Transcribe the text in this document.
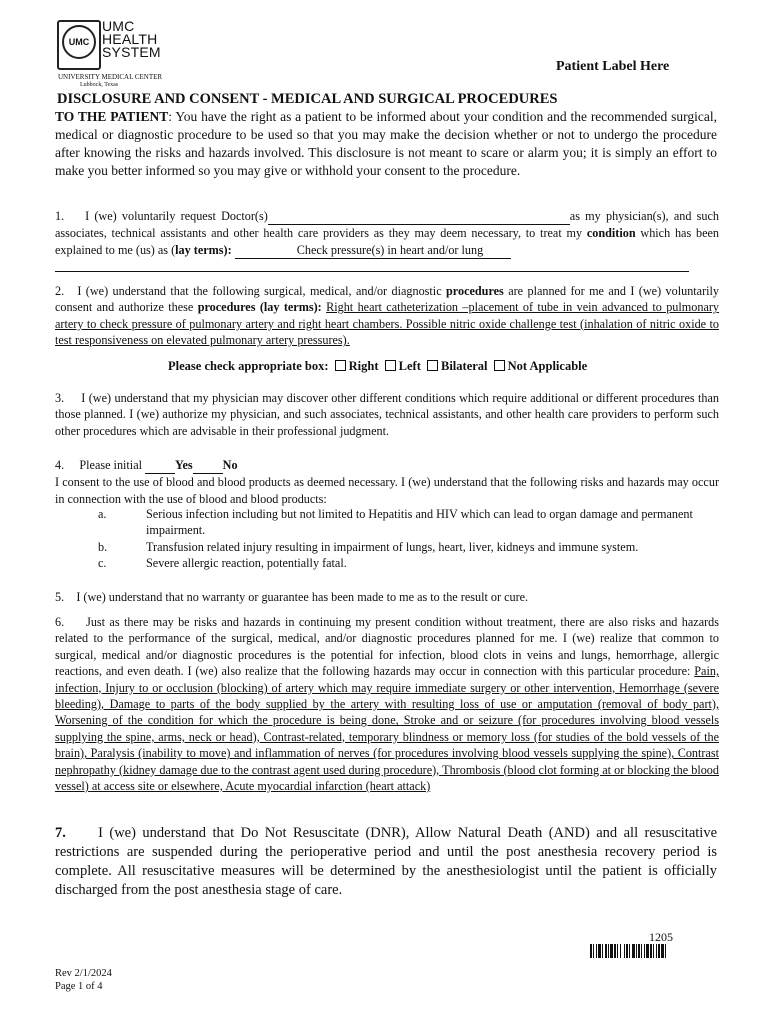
UMC
UMC
HEALTH
SYSTEM
UNIVERSITY MEDICAL CENTER
Lubbock, Texas
Patient Label Here
DISCLOSURE AND CONSENT - MEDICAL AND SURGICAL PROCEDURES
TO THE PATIENT: You have the right as a patient to be informed about your condition and the recommended surgical, medical or diagnostic procedure to be used so that you may make the decision whether or not to undergo the procedure after knowing the risks and hazards involved. This disclosure is not meant to scare or alarm you; it is simply an effort to make you better informed so you may give or withhold your consent to the procedure.
1. I (we) voluntarily request Doctor(s)	as my physician(s), and such associates, technical assistants and other health care providers as they may deem necessary, to treat my condition which has been explained to me (us) as (lay terms):	Check pressure(s) in heart and/or lung
2. I (we) understand that the following surgical, medical, and/or diagnostic procedures are planned for me and I (we) voluntarily consent and authorize these procedures (lay terms): Right heart catheterization –placement of tube in vein advanced to pulmonary artery to check pressure of pulmonary artery and right heart chambers. Possible nitric oxide challenge test (inhalation of nitric oxide to test responsiveness on elevated pulmonary artery pressures).
Please check appropriate box: Right Left Bilateral Not Applicable
3. I (we) understand that my physician may discover other different conditions which require additional or different procedures than those planned. I (we) authorize my physician, and such associates, technical assistants, and other health care providers to perform such other procedures which are advisable in their professional judgment.
4. Please initial	Yes No
I consent to the use of blood and blood products as deemed necessary. I (we) understand that the following risks and hazards may occur in connection with the use of blood and blood products:
a.	Serious infection including but not limited to Hepatitis and HIV which can lead to organ damage and permanent impairment.
b.	Transfusion related injury resulting in impairment of lungs, heart, liver, kidneys and immune system.
c.	Severe allergic reaction, potentially fatal.
5. I (we) understand that no warranty or guarantee has been made to me as to the result or cure.
6. Just as there may be risks and hazards in continuing my present condition without treatment, there are also risks and hazards related to the performance of the surgical, medical, and/or diagnostic procedures planned for me. I (we) realize that common to surgical, medical and/or diagnostic procedures is the potential for infection, blood clots in veins and lungs, hemorrhage, allergic reactions, and even death. I (we) also realize that the following hazards may occur in connection with this particular procedure: Pain, infection, Injury to or occlusion (blocking) of artery which may require immediate surgery or other intervention, Hemorrhage (severe bleeding), Damage to parts of the body supplied by the artery with resulting loss of use or amputation (removal of body part), Worsening of the condition for which the procedure is being done, Stroke and or seizure (for procedures involving blood vessels supplying the spine, arms, neck or head), Contrast-related, temporary blindness or memory loss (for studies of the bold vessels of the brain), Paralysis (inability to move) and inflammation of nerves (for procedures involving blood vessels supplying the spine), Contrast nephropathy (kidney damage due to the contrast agent used during procedure), Thrombosis (blood clot forming at or blocking the blood vessel) at access site or elsewhere, Acute myocardial infarction (heart attack)
7. I (we) understand that Do Not Resuscitate (DNR), Allow Natural Death (AND) and all resuscitative restrictions are suspended during the perioperative period and until the post anesthesia recovery period is complete. All resuscitative measures will be determined by the anesthesiologist until the patient is officially discharged from the post anesthesia stage of care.
1205
Rev 2/1/2024
Page 1 of 4
